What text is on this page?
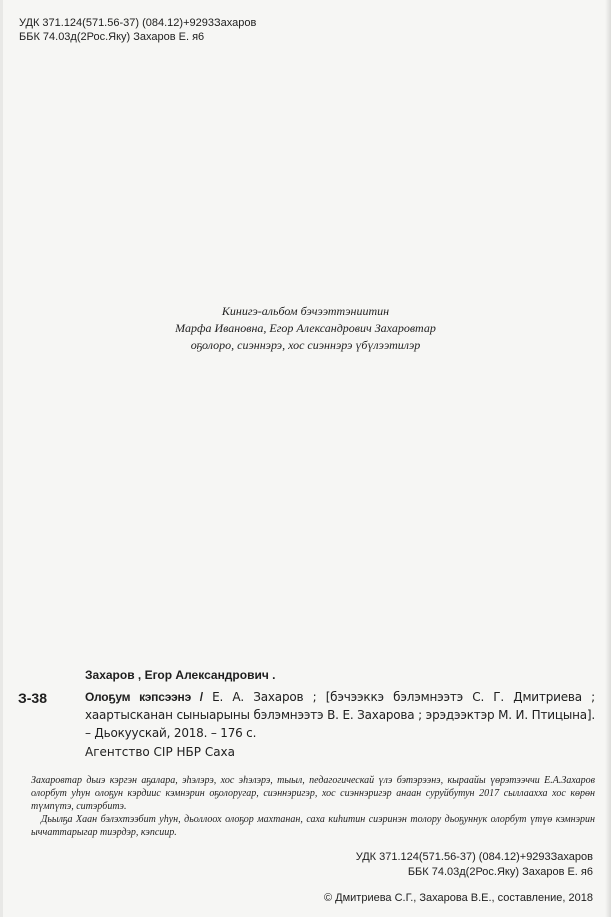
УДК 371.124(571.56-37) (084.12)+9293Захаров
ББК 74.03д(2Рос.Яку) Захаров Е. я6
Кинигэ-альбом бэчээттэниитин
Марфа Ивановна, Егор Александрович Захаровтар
оҕолоро, сиэннэрэ, хос сиэннэрэ үбүлээтилэр
Захаров , Егор Александрович .
З-38	Олоҕум кэпсээнэ / Е. А. Захаров ; [бэчээккэ бэлэмнээтэ С. Г. Дмитриева ; хаартысканан сыныарыны бэлэмнээтэ В. Е. Захарова ; эрэдээктэр М. И. Птицына]. – Дьокуускай, 2018. – 176 с.
Агентство CIP НБР Саха

Захаровтар дьиэ кэргэн аҕалара, эһэлэрэ, хос эһэлэрэ, тыыл, педагогическай үлэ бэтэрээнэ, кыраайы үөрэтээччи Е.А.Захаров олорбут уһун олоҕун кэрдиис кэмнэрин оҕолоругар, сиэннэригэр, хос сиэннэригэр анаан суруйбутун 2017 сыллаахха хос көрөн түмпүтэ, ситэрбитэ.

Дьылҕа Хаан бэлэхтээбит уһун, дьоллоох олоҕор махтанан, саха киһитин сиэринэн толору дьоҕуннук олорбут үтүө кэмнэрин ыччаттарыгар тиэрдэр, кэпсиир.

УДК 371.124(571.56-37) (084.12)+9293Захаров
ББК 74.03д(2Рос.Яку) Захаров Е. я6
© Дмитриева С.Г., Захарова В.Е., составление, 2018
